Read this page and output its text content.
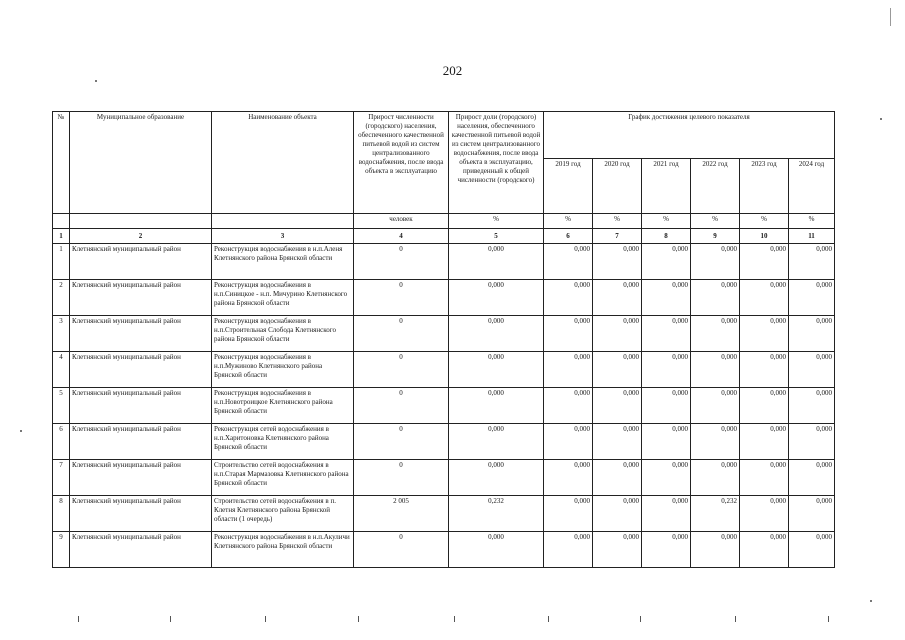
202
№	Муниципальное образование	Наименование объекта	Прирост численности (городского) населения, обеспеченного качественной питьевой водой из систем централизованного водоснабжения, после ввода объекта в эксплуатацию	Прирост доли (городского) населения, обеспеченного качественной питьевой водой из систем централизованного водоснабжения, после ввода объекта в эксплуатацию, приведенный к общей численности (городского)	График достижения целевого показателя					
					2019 год	2020 год	2021 год	2022 год	2023 год	2024 год
			человек	%	%	%	%	%	%	%
1	2	3	4	5	6	7	8	9	10	11
1	Клетнянский муниципальный район	Реконструкция водоснабжения в н.п.Аленя Клетнянского района Брянской области	0	0,000	0,000	0,000	0,000	0,000	0,000	0,000
2	Клетнянский муниципальный район	Реконструкция водоснабжения в н.п.Синицкое - н.п. Мичурино Клетнянского района Брянской области	0	0,000	0,000	0,000	0,000	0,000	0,000	0,000
3	Клетнянский муниципальный район	Реконструкция водоснабжения в н.п.Строительная Слобода Клетнянского района Брянской области	0	0,000	0,000	0,000	0,000	0,000	0,000	0,000
4	Клетнянский муниципальный район	Реконструкция водоснабжения в н.п.Мужиново Клетнянского района Брянской области	0	0,000	0,000	0,000	0,000	0,000	0,000	0,000
5	Клетнянский муниципальный район	Реконструкция водоснабжения в н.п.Новотроицкое Клетнянского района Брянской области	0	0,000	0,000	0,000	0,000	0,000	0,000	0,000
6	Клетнянский муниципальный район	Реконструкция сетей водоснабжения в н.п.Харитоновка Клетнянского района Брянской области	0	0,000	0,000	0,000	0,000	0,000	0,000	0,000
7	Клетнянский муниципальный район	Строительство сетей водоснабжения в н.п.Старая Мармазовка Клетнянского района Брянской области	0	0,000	0,000	0,000	0,000	0,000	0,000	0,000
8	Клетнянский муниципальный район	Строительство сетей водоснабжения в п. Клетня Клетнянского района Брянской области (1 очередь)	2 005	0,232	0,000	0,000	0,000	0,232	0,000	0,000
9	Клетнянский муниципальный район	Реконструкция водоснабжения в н.п.Акуличи Клетнянского района Брянской области	0	0,000	0,000	0,000	0,000	0,000	0,000	0,000
